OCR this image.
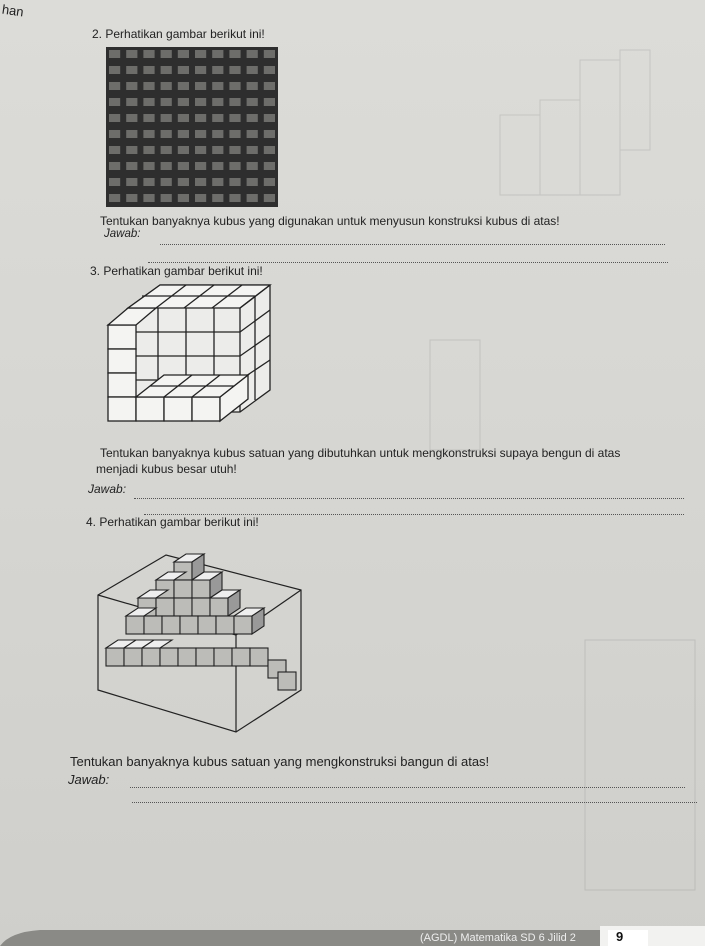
han
2. Perhatikan gambar berikut ini!
Tentukan banyaknya kubus yang digunakan untuk menyusun konstruksi kubus di atas!
Jawab:
3. Perhatikan gambar berikut ini!
Tentukan banyaknya kubus satuan yang dibutuhkan untuk mengkonstruksi supaya bengun di atas
menjadi kubus besar utuh!
Jawab:
4. Perhatikan gambar berikut ini!
Tentukan banyaknya kubus satuan yang mengkonstruksi bangun di atas!
Jawab:
(AGDL) Matematika SD 6 Jilid 2	9
